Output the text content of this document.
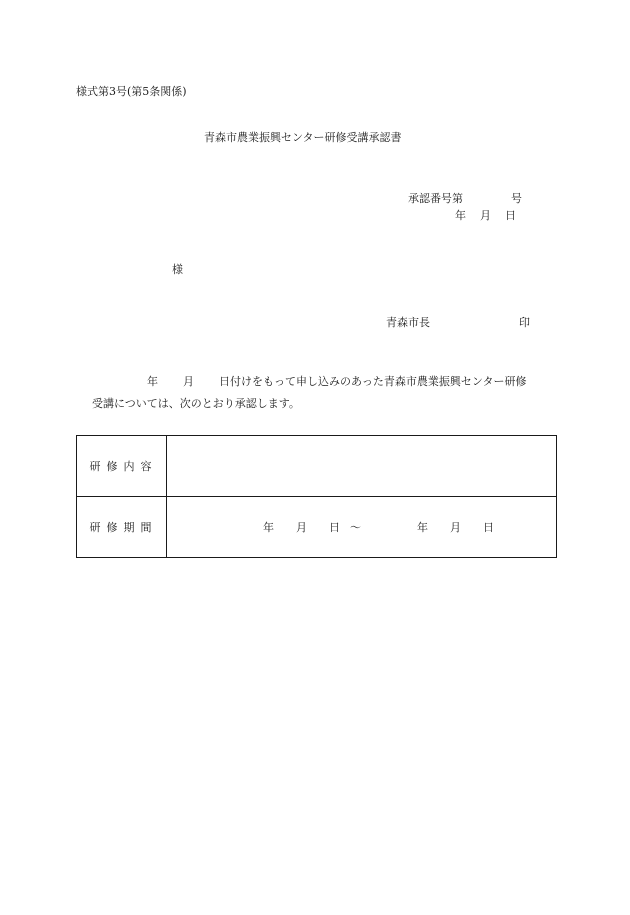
様式第3号(第5条関係)
青森市農業振興センター研修受講承認書
承認番号第	号
年 月 日
様
青森市長	印
年 月 日付けをもって申し込みのあった青森市農業振興センター研修
受講については、次のとおり承認します。
研修内容	
研修期間	年 月 日 ～ 年 月 日
